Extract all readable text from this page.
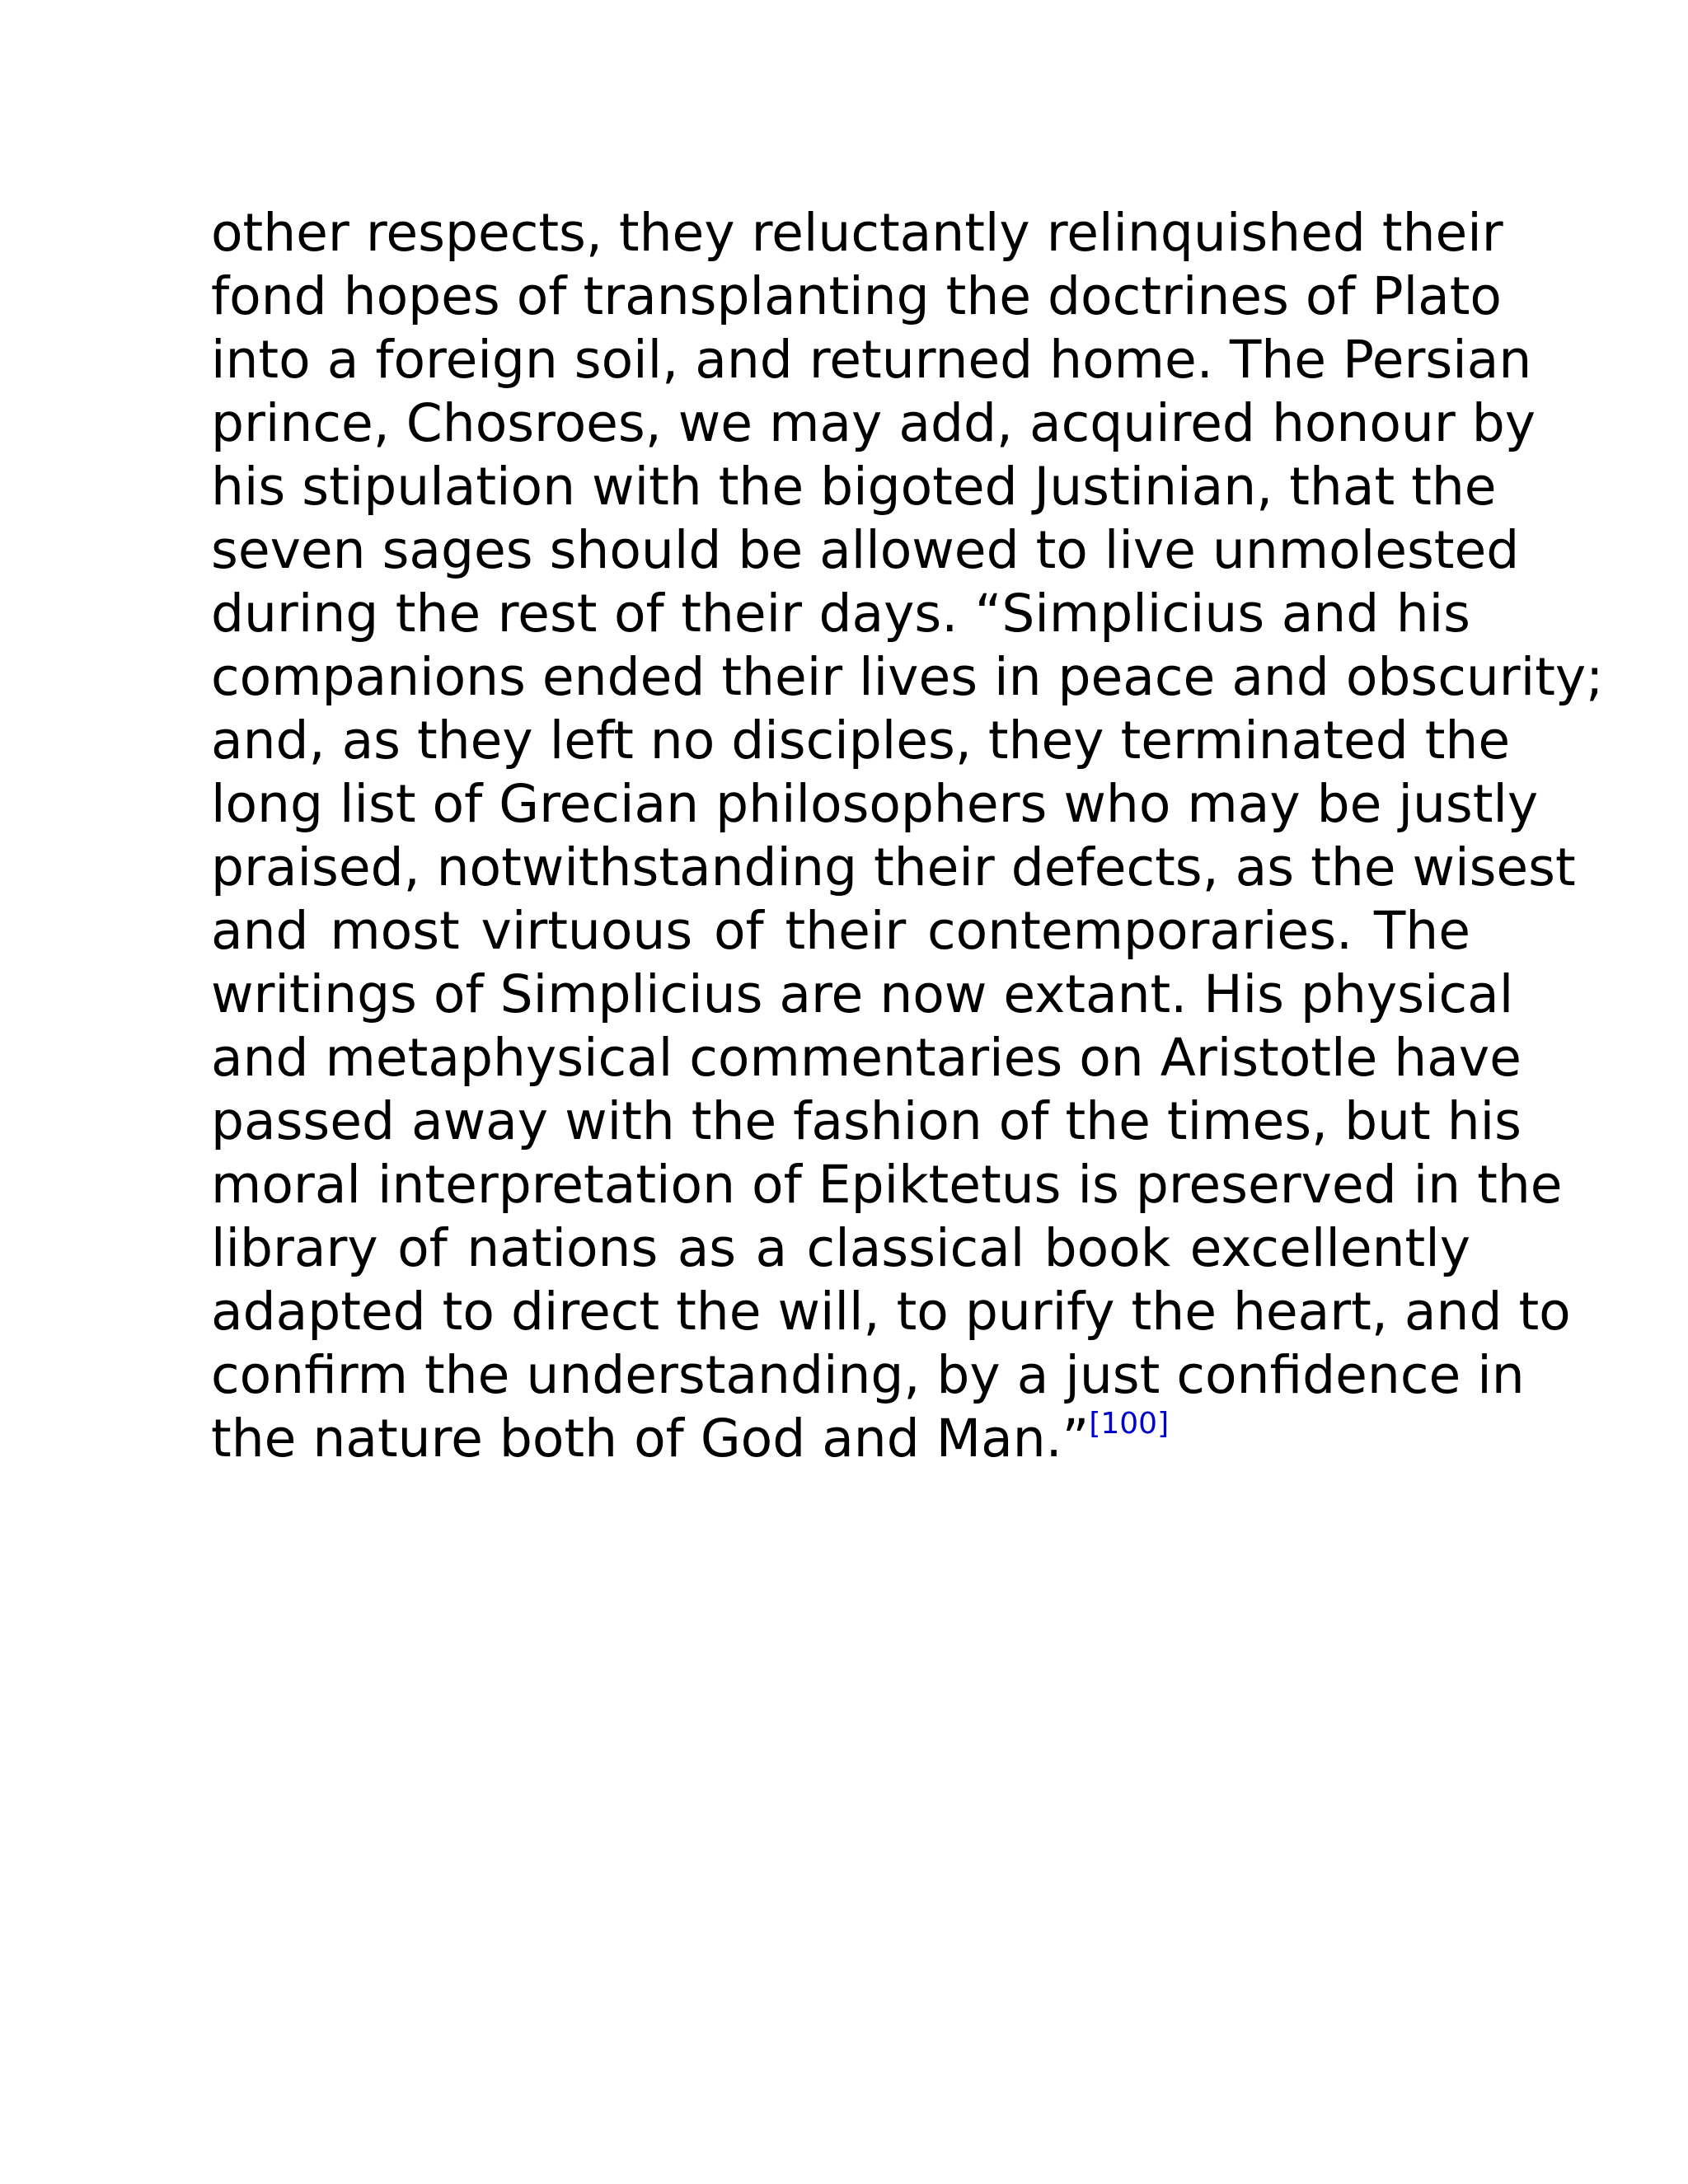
other respects, they reluctantly relinquished their
fond hopes of transplanting the doctrines of Plato
into a foreign soil, and returned home. The Persian
prince, Chosroes, we may add, acquired honour by
his stipulation with the bigoted Justinian, that the
seven sages should be allowed to live unmolested
during the rest of their days. “Simplicius and his
companions ended their lives in peace and obscurity;
and, as they left no disciples, they terminated the
long list of Grecian philosophers who may be justly
praised, notwithstanding their defects, as the wisest
and most virtuous of their contemporaries. The
writings of Simplicius are now extant. His physical
and metaphysical commentaries on Aristotle have
passed away with the fashion of the times, but his
moral interpretation of Epiktetus is preserved in the
library of nations as a classical book excellently
adapted to direct the will, to purify the heart, and to
confirm the understanding, by a just confidence in
the nature both of God and Man.”[100]
